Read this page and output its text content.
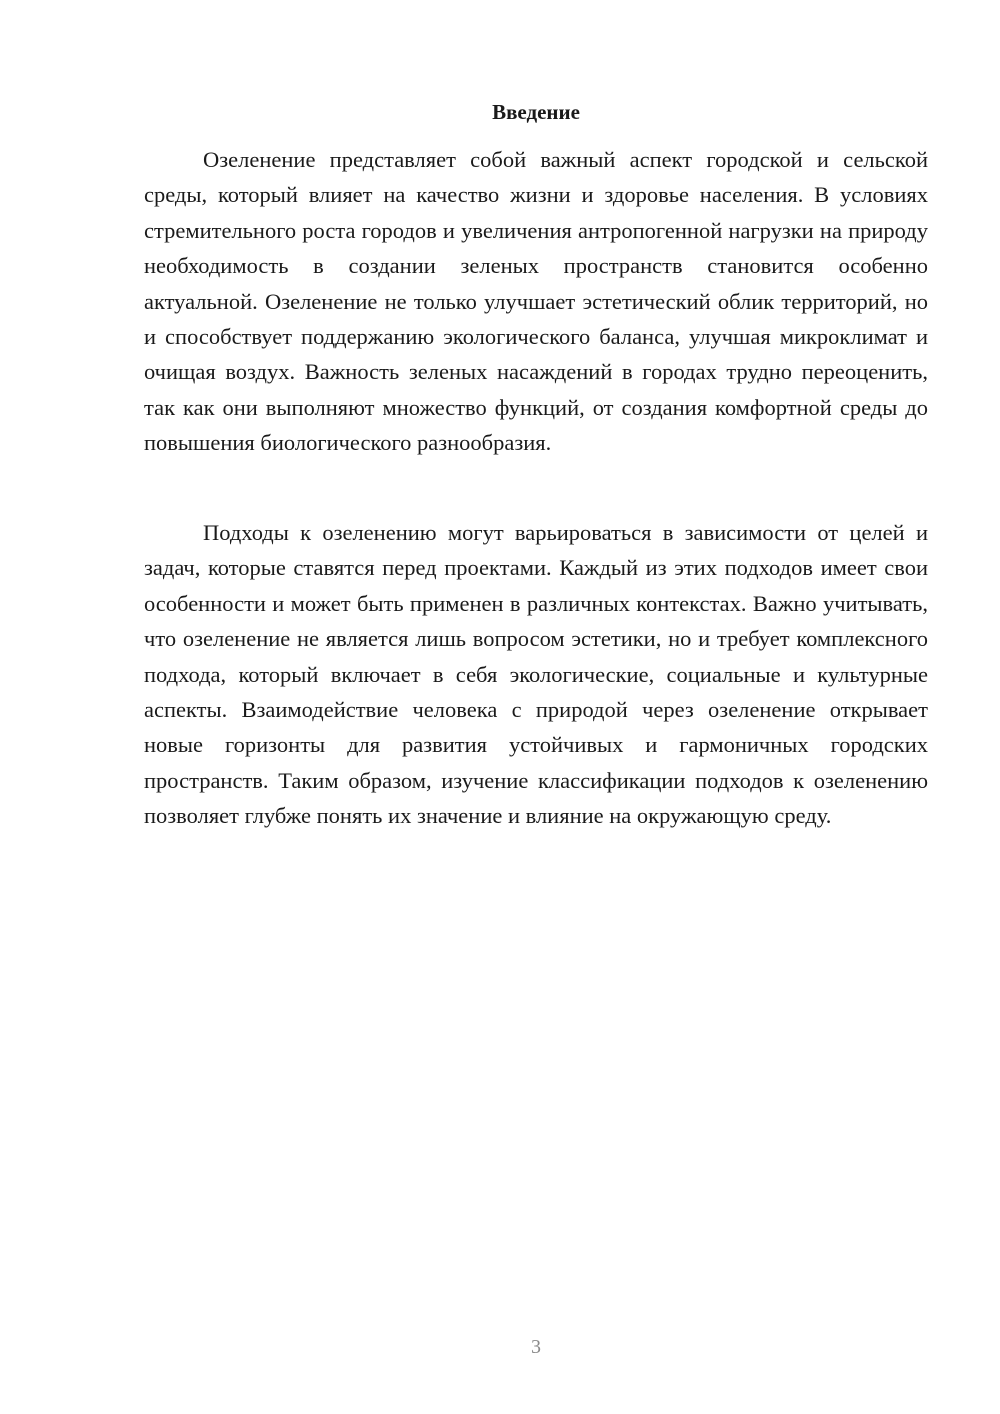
Введение

Озеленение представляет собой важный аспект городской и сельской среды, который влияет на качество жизни и здоровье населения. В условиях стремительного роста городов и увеличения антропогенной нагрузки на природу необходимость в создании зеленых пространств становится особенно актуальной. Озеленение не только улучшает эстетический облик территорий, но и способствует поддержанию экологического баланса, улучшая микроклимат и очищая воздух. Важность зеленых насаждений в городах трудно переоценить, так как они выполняют множество функций, от создания комфортной среды до повышения биологического разнообразия.

Подходы к озеленению могут варьироваться в зависимости от целей и задач, которые ставятся перед проектами. Каждый из этих подходов имеет свои особенности и может быть применен в различных контекстах. Важно учитывать, что озеленение не является лишь вопросом эстетики, но и требует комплексного подхода, который включает в себя экологические, социальные и культурные аспекты. Взаимодействие человека с природой через озеленение открывает новые горизонты для развития устойчивых и гармоничных городских пространств. Таким образом, изучение классификации подходов к озеленению позволяет глубже понять их значение и влияние на окружающую среду.

3
